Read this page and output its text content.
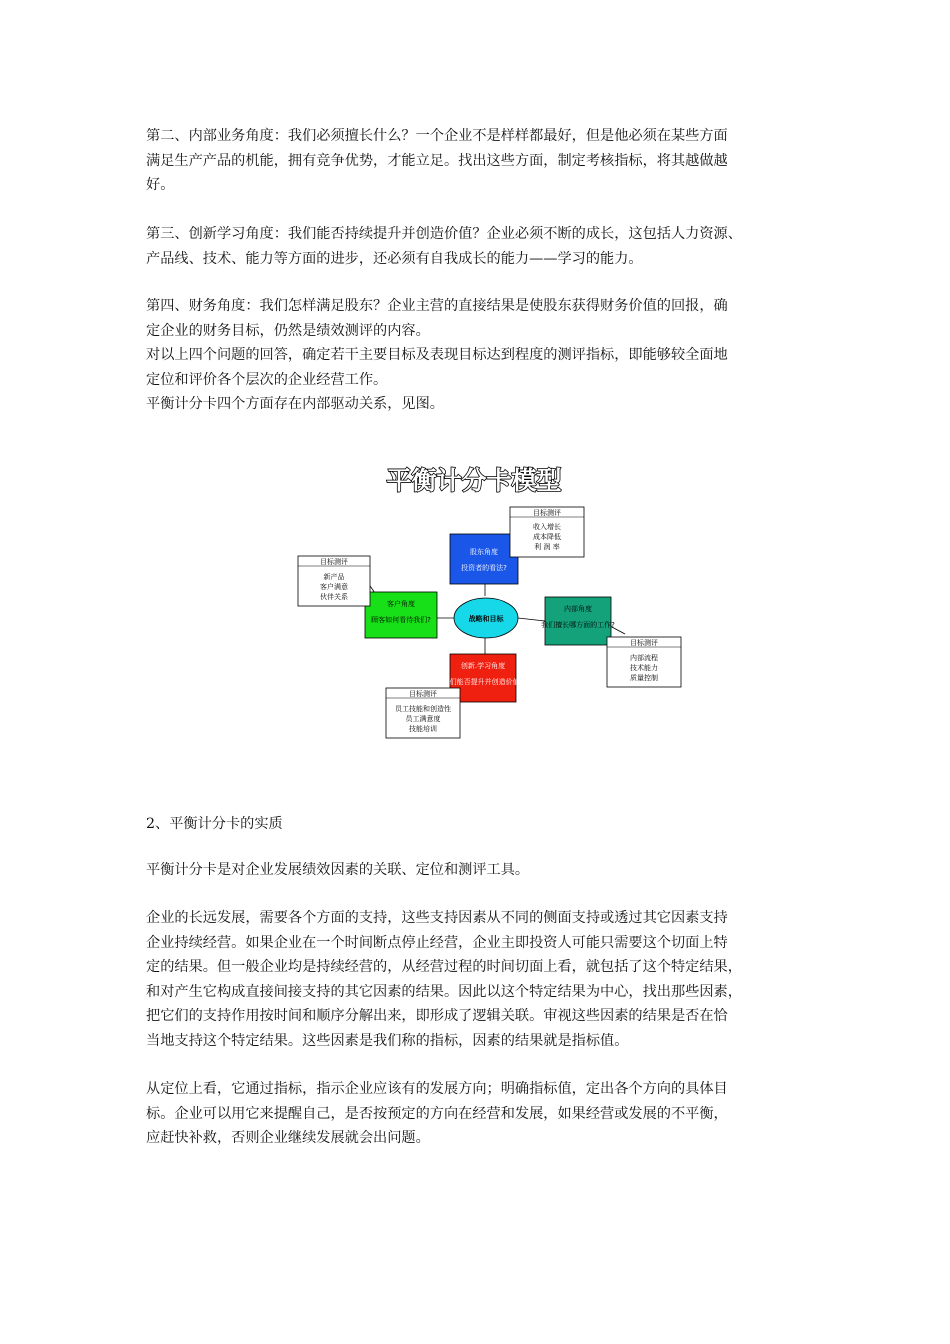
第二、内部业务角度：我们必须擅长什么？一个企业不是样样都最好，但是他必须在某些方面
满足生产产品的机能，拥有竞争优势，才能立足。找出这些方面，制定考核指标，将其越做越
好。

第三、创新学习角度：我们能否持续提升并创造价值？企业必须不断的成长，这包括人力资源、
产品线、技术、能力等方面的进步，还必须有自我成长的能力——学习的能力。

第四、财务角度：我们怎样满足股东？企业主营的直接结果是使股东获得财务价值的回报，确
定企业的财务目标，仍然是绩效测评的内容。
对以上四个问题的回答，确定若干主要目标及表现目标达到程度的测评指标，即能够较全面地
定位和评价各个层次的企业经营工作。
平衡计分卡四个方面存在内部驱动关系，见图。

平衡计分卡模型
股东角度
投资者的看法?
目标测评
收入增长
成本降低
利 润 率
客户角度
顾客如何看待我们?
目标测评
新产品
客户满意
伙伴关系
战略和目标
内部角度
我们擅长哪方面的工作?
目标测评
内部流程
技术能力
质量控制
创新.学习角度
我们能否提升并创造价值?
目标测评
员工技能和创造性
员工满意度
技能培训
2、平衡计分卡的实质

平衡计分卡是对企业发展绩效因素的关联、定位和测评工具。

企业的长远发展，需要各个方面的支持，这些支持因素从不同的侧面支持或透过其它因素支持
企业持续经营。如果企业在一个时间断点停止经营，企业主即投资人可能只需要这个切面上特
定的结果。但一般企业均是持续经营的，从经营过程的时间切面上看，就包括了这个特定结果，
和对产生它构成直接间接支持的其它因素的结果。因此以这个特定结果为中心，找出那些因素，
把它们的支持作用按时间和顺序分解出来，即形成了逻辑关联。审视这些因素的结果是否在恰
当地支持这个特定结果。这些因素是我们称的指标，因素的结果就是指标值。

从定位上看，它通过指标，指示企业应该有的发展方向；明确指标值，定出各个方向的具体目
标。企业可以用它来提醒自己，是否按预定的方向在经营和发展，如果经营或发展的不平衡，
应赶快补救，否则企业继续发展就会出问题。
